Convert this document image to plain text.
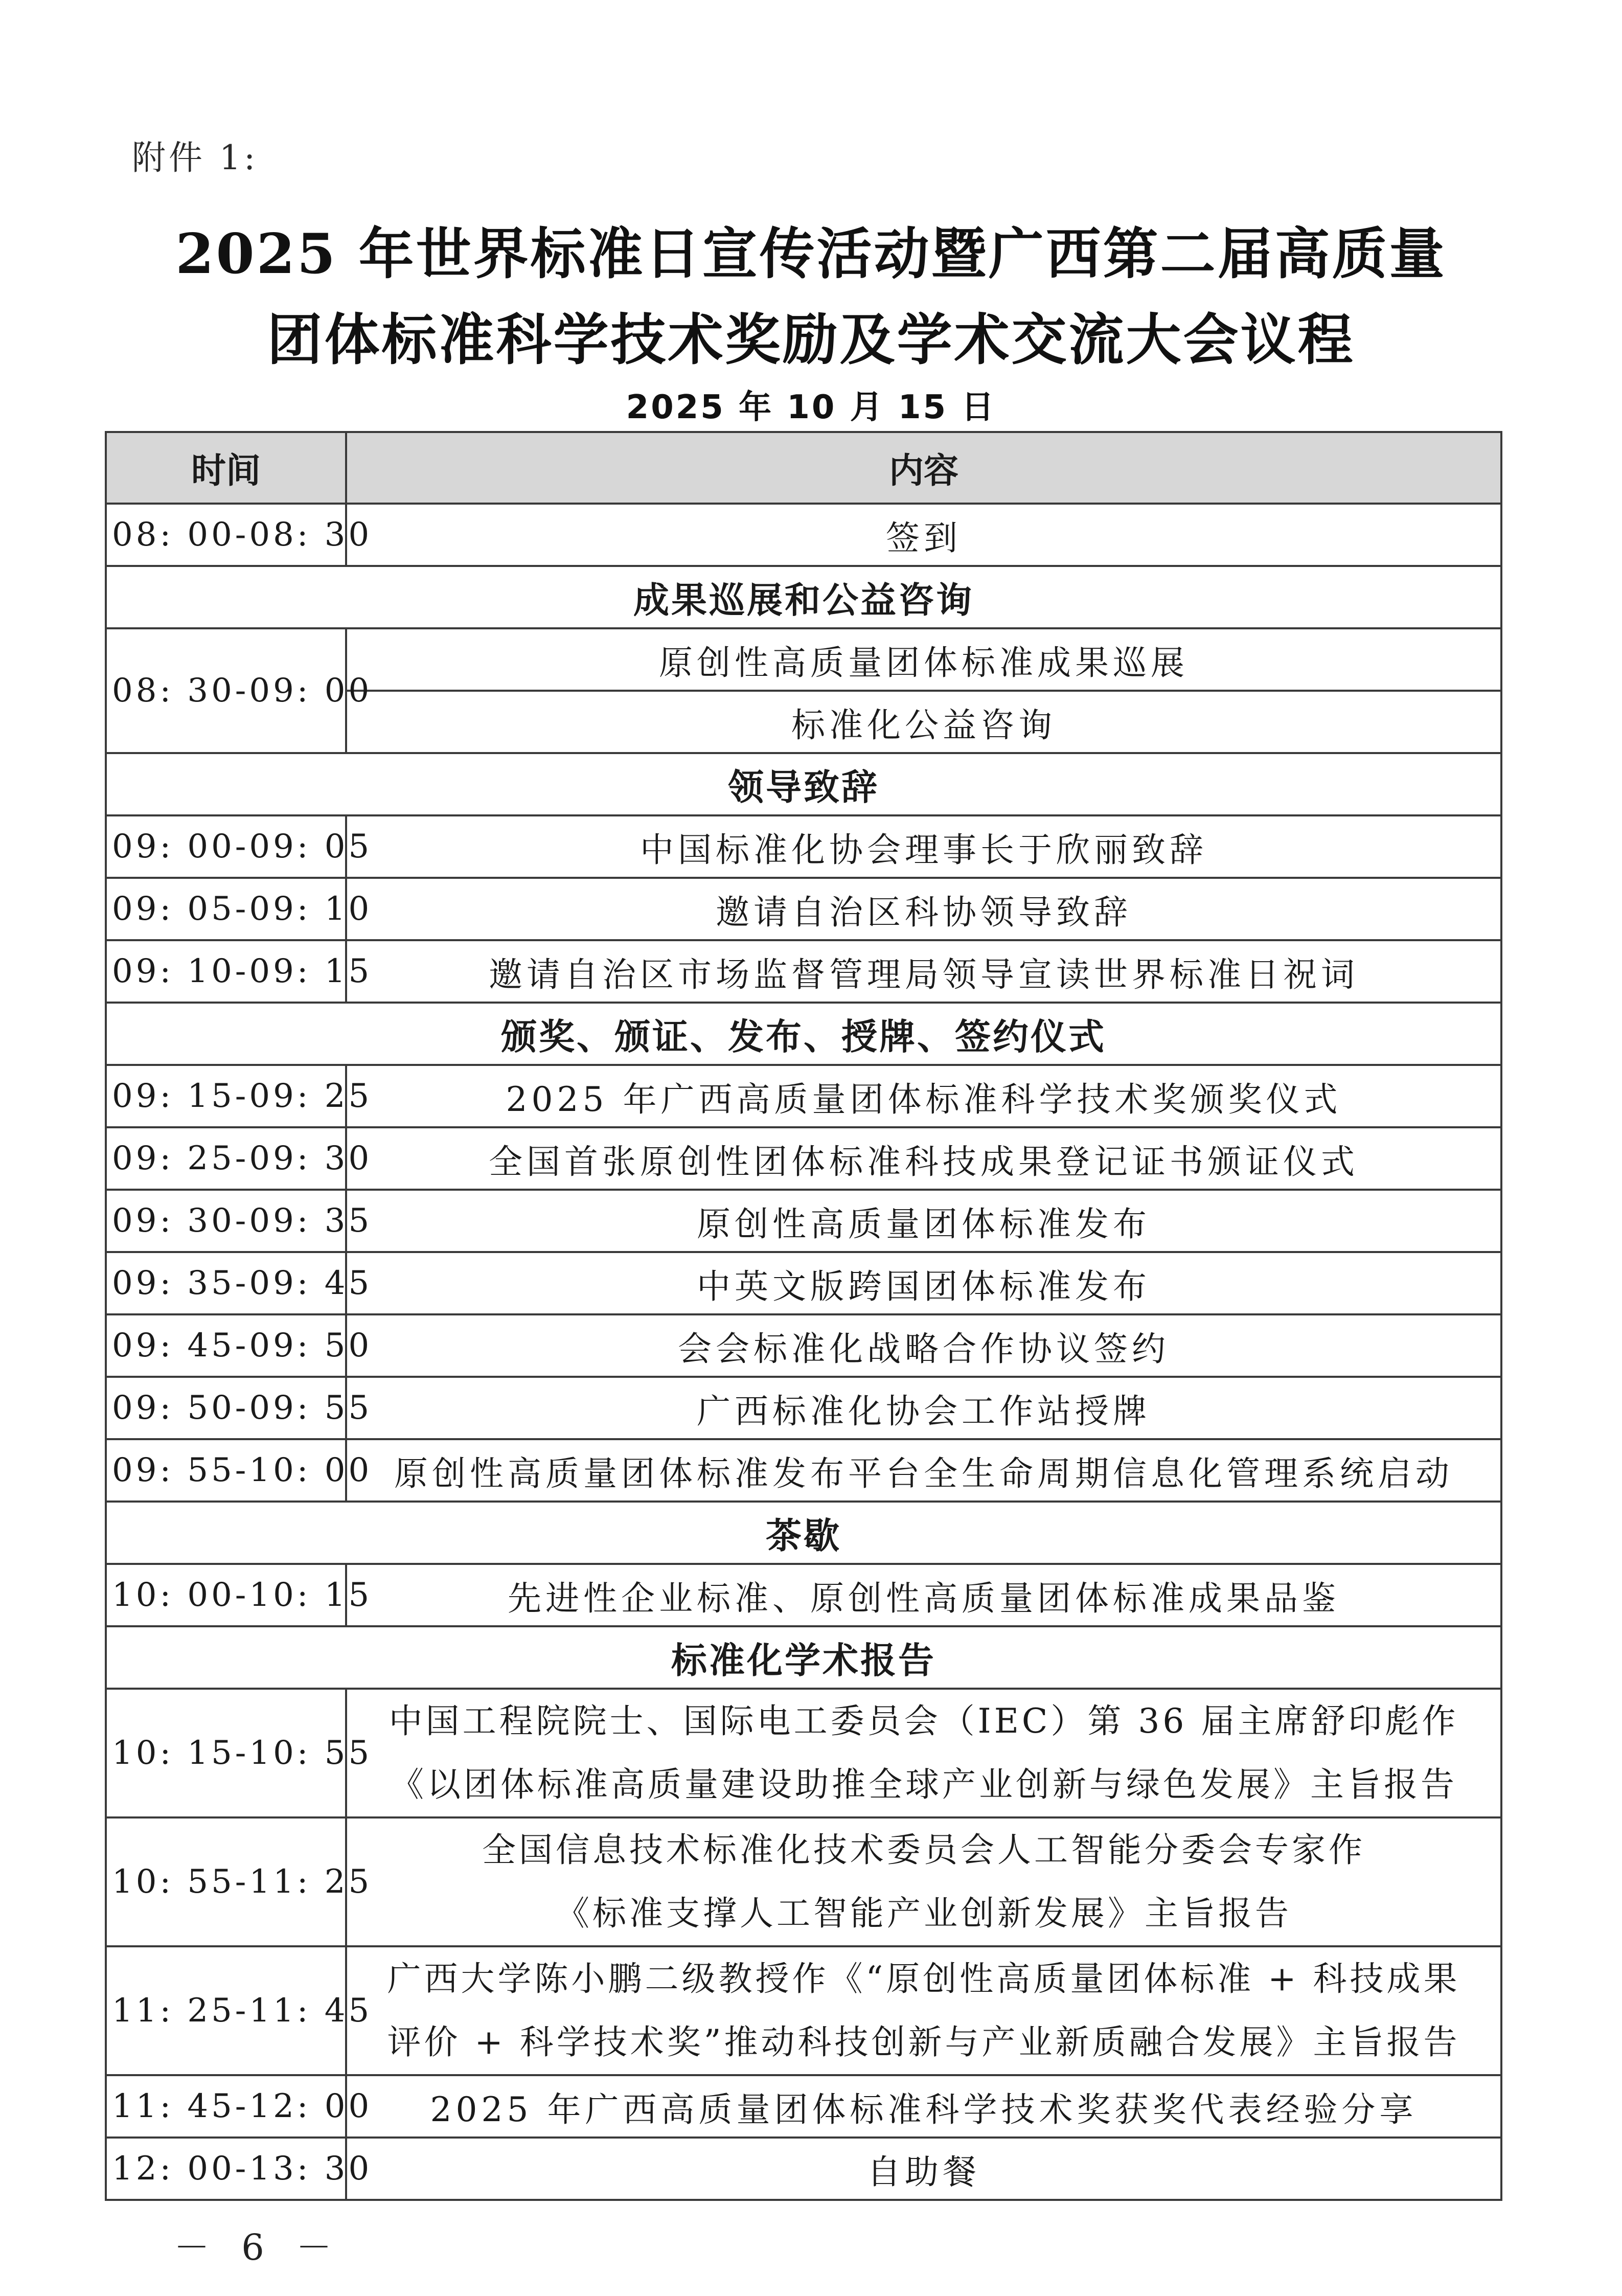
附件 1:
2025 年世界标准日宣传活动暨广西第二届高质量
团体标准科学技术奖励及学术交流大会议程
2025 年 10 月 15 日
时间	内容
08: 00-08: 30	签到
成果巡展和公益咨询	
08: 30-09: 00	原创性高质量团体标准成果巡展
	标准化公益咨询
领导致辞	
09: 00-09: 05	中国标准化协会理事长于欣丽致辞
09: 05-09: 10	邀请自治区科协领导致辞
09: 10-09: 15	邀请自治区市场监督管理局领导宣读世界标准日祝词
颁奖、颁证、发布、授牌、签约仪式	
09: 15-09: 25	2025 年广西高质量团体标准科学技术奖颁奖仪式
09: 25-09: 30	全国首张原创性团体标准科技成果登记证书颁证仪式
09: 30-09: 35	原创性高质量团体标准发布
09: 35-09: 45	中英文版跨国团体标准发布
09: 45-09: 50	会会标准化战略合作协议签约
09: 50-09: 55	广西标准化协会工作站授牌
09: 55-10: 00	原创性高质量团体标准发布平台全生命周期信息化管理系统启动
茶歇	
10: 00-10: 15	先进性企业标准、原创性高质量团体标准成果品鉴
标准化学术报告	
10: 15-10: 55	中国工程院院士、国际电工委员会（IEC）第 36 届主席舒印彪作
《以团体标准高质量建设助推全球产业创新与绿色发展》主旨报告

10: 55-11: 25	全国信息技术标准化技术委员会人工智能分委会专家作
《标准支撑人工智能产业创新发展》主旨报告

11: 25-11: 45	广西大学陈小鹏二级教授作《“原创性高质量团体标准 + 科技成果
评价 + 科学技术奖”推动科技创新与产业新质融合发展》主旨报告

11: 45-12: 00	2025 年广西高质量团体标准科学技术奖获奖代表经验分享
12: 00-13: 30	自助餐
－ 6 －
